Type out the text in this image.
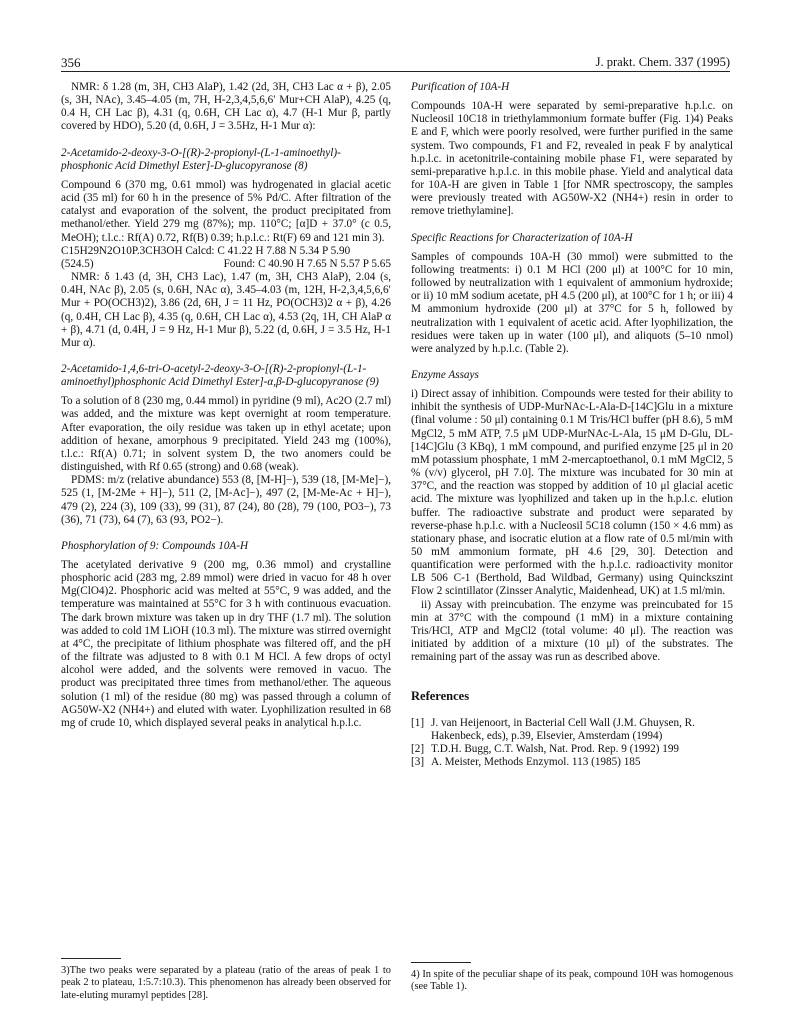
356	J. prakt. Chem. 337 (1995)

NMR: δ 1.28 (m, 3H, CH3 AlaP), 1.42 (2d, 3H, CH3 Lac α + β), 2.05 (s, 3H, NAc), 3.45–4.05 (m, 7H, H-2,3,4,5,6,6′ Mur+CH AlaP), 4.25 (q, 0.4 H, CH Lac β), 4.31 (q, 0.6H, CH Lac α), 4.7 (H-1 Mur β, partly covered by HDO), 5.20 (d, 0.6H, J = 3.5Hz, H-1 Mur α):

2-Acetamido-2-deoxy-3-O-[(R)-2-propionyl-(L-1-aminoethyl)-phosphonic Acid Dimethyl Ester]-D-glucopyranose (8)

Compound 6 (370 mg, 0.61 mmol) was hydrogenated in glacial acetic acid (35 ml) for 60 h in the presence of 5% Pd/C. After filtration of the catalyst and evaporation of the solvent, the product precipitated from methanol/ether. Yield 279 mg (87%); mp. 110°C; [α]D + 37.0° (c 0.5, MeOH); t.l.c.: Rf(A) 0.72, Rf(B) 0.39; h.p.l.c.: Rt(F) 69 and 121 min 3).

C15H29N2O10P.3CH3OH Calcd: C 41.22 H 7.88 N 5.34 P 5.90

(524.5)	Found: C 40.90 H 7.65 N 5.57 P 5.65

NMR: δ 1.43 (d, 3H, CH3 Lac), 1.47 (m, 3H, CH3 AlaP), 2.04 (s, 0.4H, NAc β), 2.05 (s, 0.6H, NAc α), 3.45–4.03 (m, 12H, H-2,3,4,5,6,6′ Mur + PO(OCH3)2), 3.86 (2d, 6H, J = 11 Hz, PO(OCH3)2 α + β), 4.26 (q, 0.4H, CH Lac β), 4.35 (q, 0.6H, CH Lac α), 4.53 (2q, 1H, CH AlaP α + β), 4.71 (d, 0.4H, J = 9 Hz, H-1 Mur β), 5.22 (d, 0.6H, J = 3.5 Hz, H-1 Mur α).

2-Acetamido-1,4,6-tri-O-acetyl-2-deoxy-3-O-[(R)-2-propionyl-(L-1-aminoethyl)phosphonic Acid Dimethyl Ester]-α,β-D-glucopyranose (9)

To a solution of 8 (230 mg, 0.44 mmol) in pyridine (9 ml), Ac2O (2.7 ml) was added, and the mixture was kept overnight at room temperature. After evaporation, the oily residue was taken up in ethyl acetate; upon addition of hexane, amorphous 9 precipitated. Yield 243 mg (100%), t.l.c.: Rf(A) 0.71; in solvent system D, the two anomers could be distinguished, with Rf 0.65 (strong) and 0.68 (weak).

PDMS: m/z (relative abundance) 553 (8, [M-H]−), 539 (18, [M-Me]−), 525 (1, [M-2Me + H]−), 511 (2, [M-Ac]−), 497 (2, [M-Me-Ac + H]−), 479 (2), 224 (3), 109 (33), 99 (31), 87 (24), 80 (28), 79 (100, PO3−), 73 (36), 71 (73), 64 (7), 63 (93, PO2−).

Phosphorylation of 9: Compounds 10A-H

The acetylated derivative 9 (200 mg, 0.36 mmol) and crystalline phosphoric acid (283 mg, 2.89 mmol) were dried in vacuo for 48 h over Mg(ClO4)2. Phosphoric acid was melted at 55°C, 9 was added, and the temperature was maintained at 55°C for 3 h with continuous evacuation. The dark brown mixture was taken up in dry THF (1.7 ml). The solution was added to cold 1M LiOH (10.3 ml). The mixture was stirred overnight at 4°C, the precipitate of lithium phosphate was filtered off, and the pH of the filtrate was adjusted to 8 with 0.1 M HCl. A few drops of octyl alcohol were added, and the solvents were removed in vacuo. The product was precipitated three times from methanol/ether. The aqueous solution (1 ml) of the residue (80 mg) was passed through a column of AG50W-X2 (NH4+) and eluted with water. Lyophilization resulted in 68 mg of crude 10, which displayed several peaks in analytical h.p.l.c.

3)The two peaks were separated by a plateau (ratio of the areas of peak 1 to peak 2 to plateau, 1:5.7:10.3). This phenomenon has already been observed for late-eluting muramyl peptides [28].

Purification of 10A-H

Compounds 10A-H were separated by semi-preparative h.p.l.c. on Nucleosil 10C18 in triethylammonium formate buffer (Fig. 1)4) Peaks E and F, which were poorly resolved, were further purified in the same system. Two compounds, F1 and F2, revealed in peak F by analytical h.p.l.c. in acetonitrile-containing mobile phase F1, were separated by semi-preparative h.p.l.c. in this mobile phase. Yield and analytical data for 10A-H are given in Table 1 [for NMR spectroscopy, the samples were previously treated with AG50W-X2 (NH4+) resin in order to remove triethylamine].

Specific Reactions for Characterization of 10A-H

Samples of compounds 10A-H (30 mmol) were submitted to the following treatments: i) 0.1 M HCl (200 μl) at 100°C for 10 min, followed by neutralization with 1 equivalent of ammonium hydroxide; or ii) 10 mM sodium acetate, pH 4.5 (200 μl), at 100°C for 1 h; or iii) 4 M ammonium hydroxide (200 μl) at 37°C for 5 h, followed by neutralization with 1 equivalent of acetic acid. After lyophilization, the residues were taken up in water (100 μl), and aliquots (5–10 nmol) were analyzed by h.p.l.c. (Table 2).

Enzyme Assays

i) Direct assay of inhibition. Compounds were tested for their ability to inhibit the synthesis of UDP-MurNAc-L-Ala-D-[14C]Glu in a mixture (final volume : 50 μl) containing 0.1 M Tris/HCl buffer (pH 8.6), 5 mM MgCl2, 5 mM ATP, 7.5 μM UDP-MurNAc-L-Ala, 15 μM D-Glu, DL-[14C]Glu (3 KBq), 1 mM compound, and purified enzyme [25 μl in 20 mM potassium phosphate, 1 mM 2-mercaptoethanol, 0.1 mM MgCl2, 5 % (v/v) glycerol, pH 7.0]. The mixture was incubated for 30 min at 37°C, and the reaction was stopped by addition of 10 μl glacial acetic acid. The mixture was lyophilized and taken up in the h.p.l.c. elution buffer. The radioactive substrate and product were separated by reverse-phase h.p.l.c. with a Nucleosil 5C18 column (150 × 4.6 mm) as stationary phase, and isocratic elution at a flow rate of 0.5 ml/min with 50 mM ammonium formate, pH 4.6 [29, 30]. Detection and quantification were performed with the h.p.l.c. radioactivity monitor LB 506 C-1 (Berthold, Bad Wildbad, Germany) using Quinckszint Flow 2 scintillator (Zinsser Analytic, Maidenhead, UK) at 1.5 ml/min.

ii) Assay with preincubation. The enzyme was preincubated for 15 min at 37°C with the compound (1 mM) in a mixture containing Tris/HCl, ATP and MgCl2 (total volume: 40 μl). The reaction was initiated by addition of a mixture (10 μl) of the substrates. The remaining part of the assay was run as described above.

References
[1] J. van Heijenoort, in Bacterial Cell Wall (J.M. Ghuysen, R. Hakenbeck, eds), p.39, Elsevier, Amsterdam (1994)
[2] T.D.H. Bugg, C.T. Walsh, Nat. Prod. Rep. 9 (1992) 199
[3] A. Meister, Methods Enzymol. 113 (1985) 185

4) In spite of the peculiar shape of its peak, compound 10H was homogenous (see Table 1).
